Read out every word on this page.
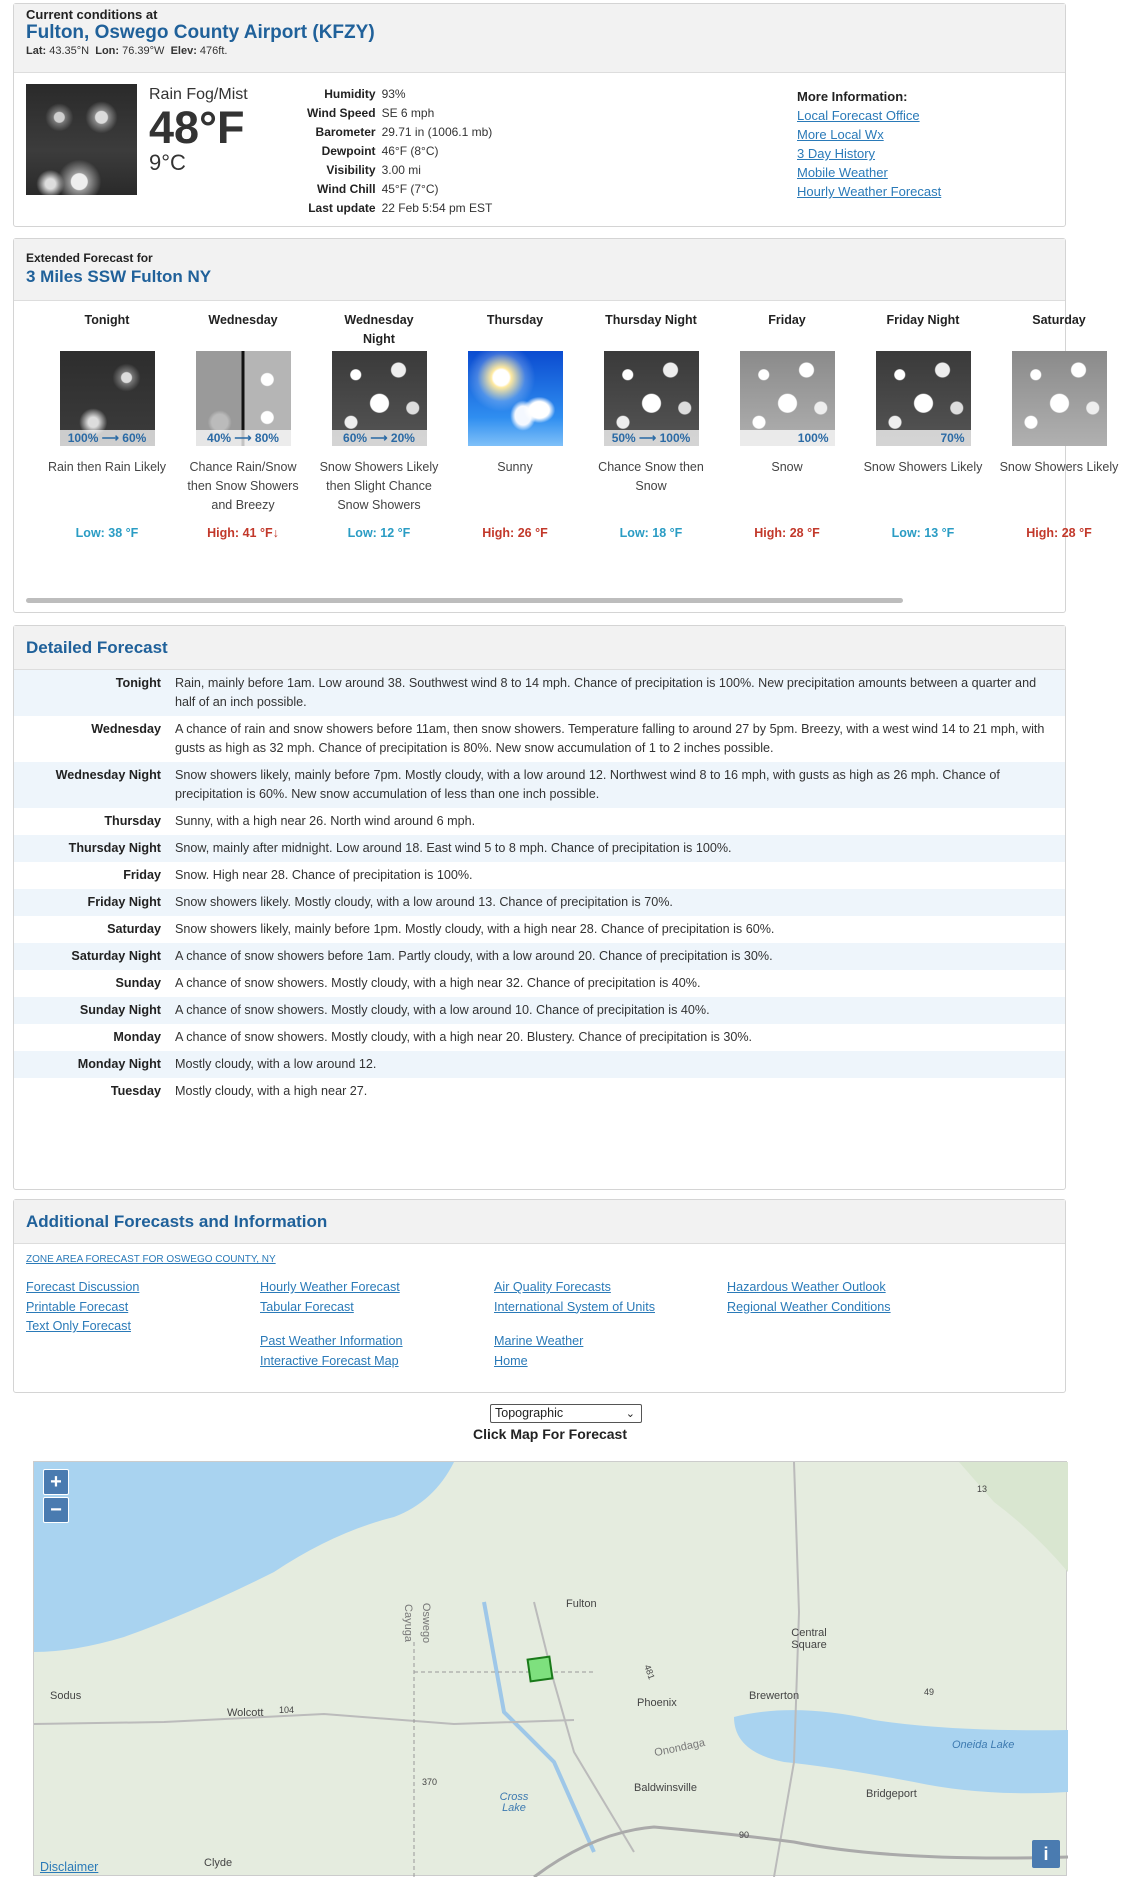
Current conditions at
Fulton, Oswego County Airport (KFZY)
Lat: 43.35°N Lon: 76.39°W Elev: 476ft.
Rain Fog/Mist
48°F
9°C
Humidity	93%
Wind Speed	SE 6 mph
Barometer	29.71 in (1006.1 mb)
Dewpoint	46°F (8°C)
Visibility	3.00 mi
Wind Chill	45°F (7°C)
Last update	22 Feb 5:54 pm EST
More Information:
Local Forecast Office
More Local Wx
3 Day History
Mobile Weather
Hourly Weather Forecast
Extended Forecast for
3 Miles SSW Fulton NY
Tonight
100% ⟶ 60%
Rain then Rain Likely
Low: 38 °F
Wednesday
40% ⟶ 80%
Chance Rain/Snow then Snow Showers and Breezy
High: 41 °F↓
Wednesday Night
60% ⟶ 20%
Snow Showers Likely then Slight Chance Snow Showers
Low: 12 °F
Thursday
Sunny
High: 26 °F
Thursday Night
50% ⟶ 100%
Chance Snow then Snow
Low: 18 °F
Friday
100%
Snow
High: 28 °F
Friday Night
70%
Snow Showers Likely
Low: 13 °F
Saturday
Snow Showers Likely
High: 28 °F
Detailed Forecast
Tonight	Rain, mainly before 1am. Low around 38. Southwest wind 8 to 14 mph. Chance of precipitation is 100%. New precipitation amounts between a quarter and half of an inch possible.
Wednesday	A chance of rain and snow showers before 11am, then snow showers. Temperature falling to around 27 by 5pm. Breezy, with a west wind 14 to 21 mph, with gusts as high as 32 mph. Chance of precipitation is 80%. New snow accumulation of 1 to 2 inches possible.
Wednesday Night	Snow showers likely, mainly before 7pm. Mostly cloudy, with a low around 12. Northwest wind 8 to 16 mph, with gusts as high as 26 mph. Chance of precipitation is 60%. New snow accumulation of less than one inch possible.
Thursday	Sunny, with a high near 26. North wind around 6 mph.
Thursday Night	Snow, mainly after midnight. Low around 18. East wind 5 to 8 mph. Chance of precipitation is 100%.
Friday	Snow. High near 28. Chance of precipitation is 100%.
Friday Night	Snow showers likely. Mostly cloudy, with a low around 13. Chance of precipitation is 70%.
Saturday	Snow showers likely, mainly before 1pm. Mostly cloudy, with a high near 28. Chance of precipitation is 60%.
Saturday Night	A chance of snow showers before 1am. Partly cloudy, with a low around 20. Chance of precipitation is 30%.
Sunday	A chance of snow showers. Mostly cloudy, with a high near 32. Chance of precipitation is 40%.
Sunday Night	A chance of snow showers. Mostly cloudy, with a low around 10. Chance of precipitation is 40%.
Monday	A chance of snow showers. Mostly cloudy, with a high near 20. Blustery. Chance of precipitation is 30%.
Monday Night	Mostly cloudy, with a low around 12.
Tuesday	Mostly cloudy, with a high near 27.
Additional Forecasts and Information
ZONE AREA FORECAST FOR OSWEGO COUNTY, NY
Forecast Discussion
Printable Forecast
Text Only Forecast
Hourly Weather Forecast
Tabular Forecast
Past Weather Information
Interactive Forecast Map
Air Quality Forecasts
International System of Units
Marine Weather
Home
Hazardous Weather Outlook
Regional Weather Conditions
Topographic	⌄
Click Map For Forecast
+
−
Fulton
Central Square
Phoenix
Brewerton
Oneida Lake
Sodus
Wolcott
Onondaga
Baldwinsville	Bridgeport
Cross Lake
Clyde
Oswego
Cayuga
104
481
49
370
90
13
Disclaimer
i
